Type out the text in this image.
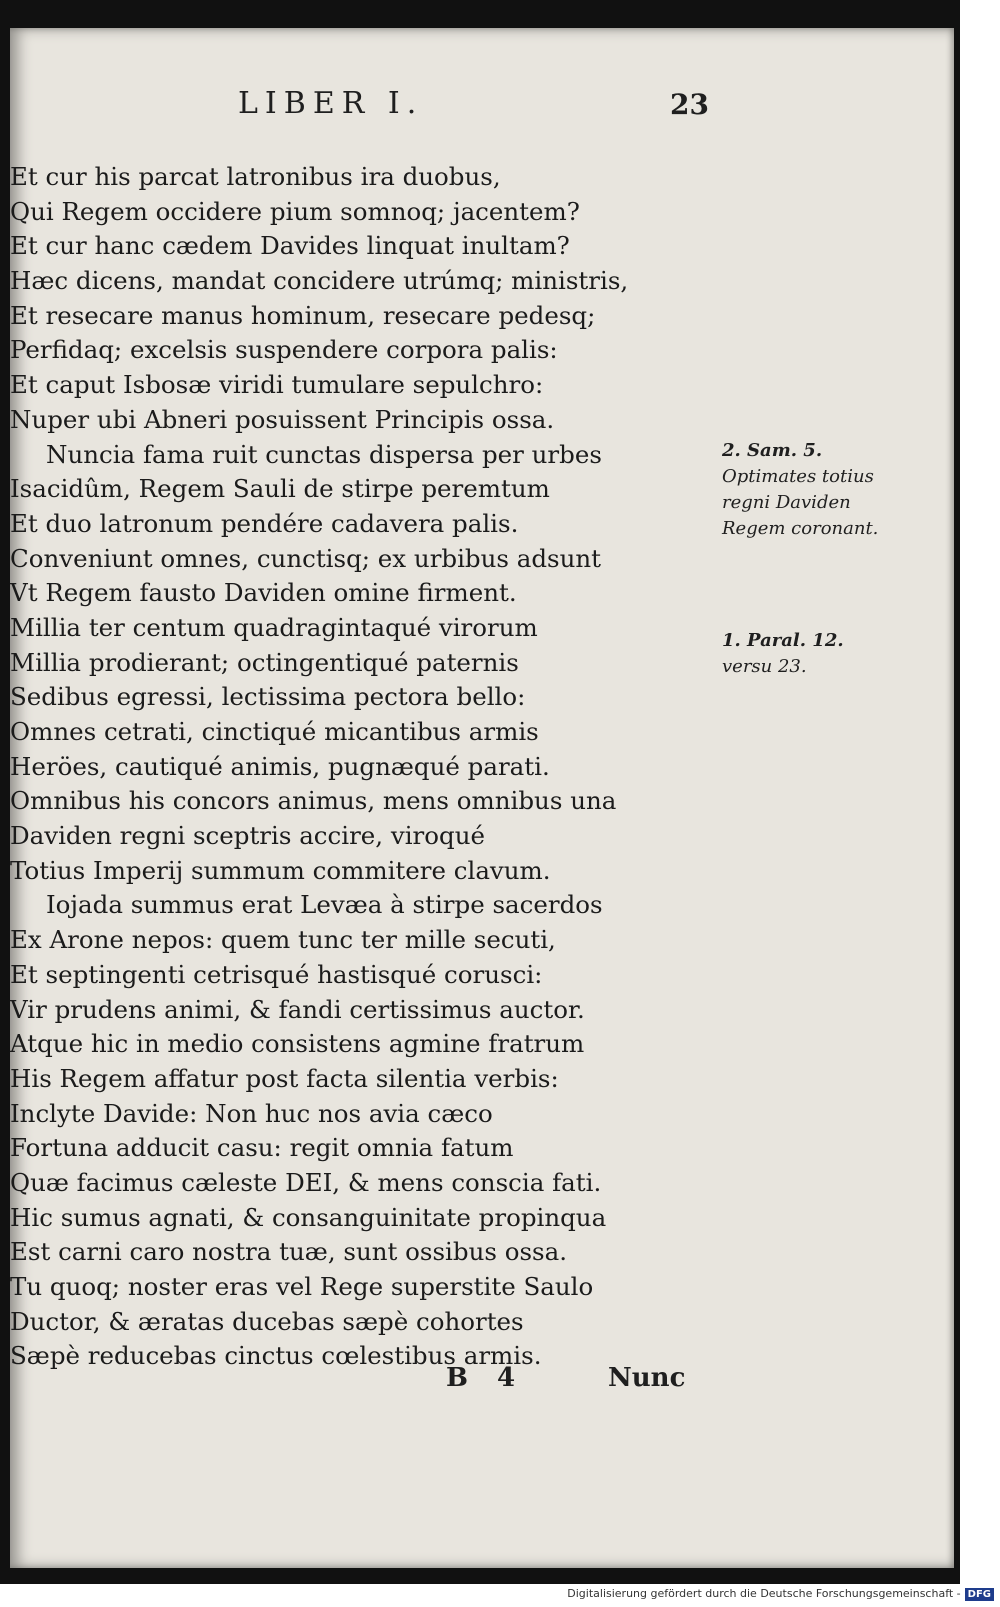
LIBER I.	23
Et cur his parcat latronibus ira duobus,
Qui Regem occidere pium somnoq; jacentem?
Et cur hanc cædem Davides linquat inultam?
Hæc dicens, mandat concidere utrúmq; ministris,
Et resecare manus hominum, resecare pedesq;
Perfidaq; excelsis suspendere corpora palis:
Et caput Isbosæ viridi tumulare sepulchro:
Nuper ubi Abneri posuissent Principis ossa.
Nuncia fama ruit cunctas dispersa per urbes
Isacidûm, Regem Sauli de stirpe peremtum
Et duo latronum pendére cadavera palis.
Conveniunt omnes, cunctisq; ex urbibus adsunt
Vt Regem fausto Daviden omine firment.
Millia ter centum quadragintaqué virorum
Millia prodierant; octingentiqué paternis
Sedibus egressi, lectissima pectora bello:
Omnes cetrati, cinctiqué micantibus armis
Heröes, cautiqué animis, pugnæqué parati.
Omnibus his concors animus, mens omnibus una
Daviden regni sceptris accire, viroqué
Totius Imperij summum commitere clavum.
Iojada summus erat Levæa à stirpe sacerdos
Ex Arone nepos: quem tunc ter mille secuti,
Et septingenti cetrisqué hastisqué corusci:
Vir prudens animi, & fandi certissimus auctor.
Atque hic in medio consistens agmine fratrum
His Regem affatur post facta silentia verbis:
Inclyte Davide: Non huc nos avia cæco
Fortuna adducit casu: regit omnia fatum
Quæ facimus cæleste DEI, & mens conscia fati.
Hic sumus agnati, & consanguinitate propinqua
Est carni caro nostra tuæ, sunt ossibus ossa.
Tu quoq; noster eras vel Rege superstite Saulo
Ductor, & æratas ducebas sæpè cohortes
Sæpè reducebas cinctus cœlestibus armis.
2. Sam. 5.
Optimates totius
regni Daviden
Regem coronant.
1. Paral. 12.
versu 23.
B 4	Nunc
Digitalisierung gefördert durch die Deutsche Forschungsgemeinschaft - DFG
